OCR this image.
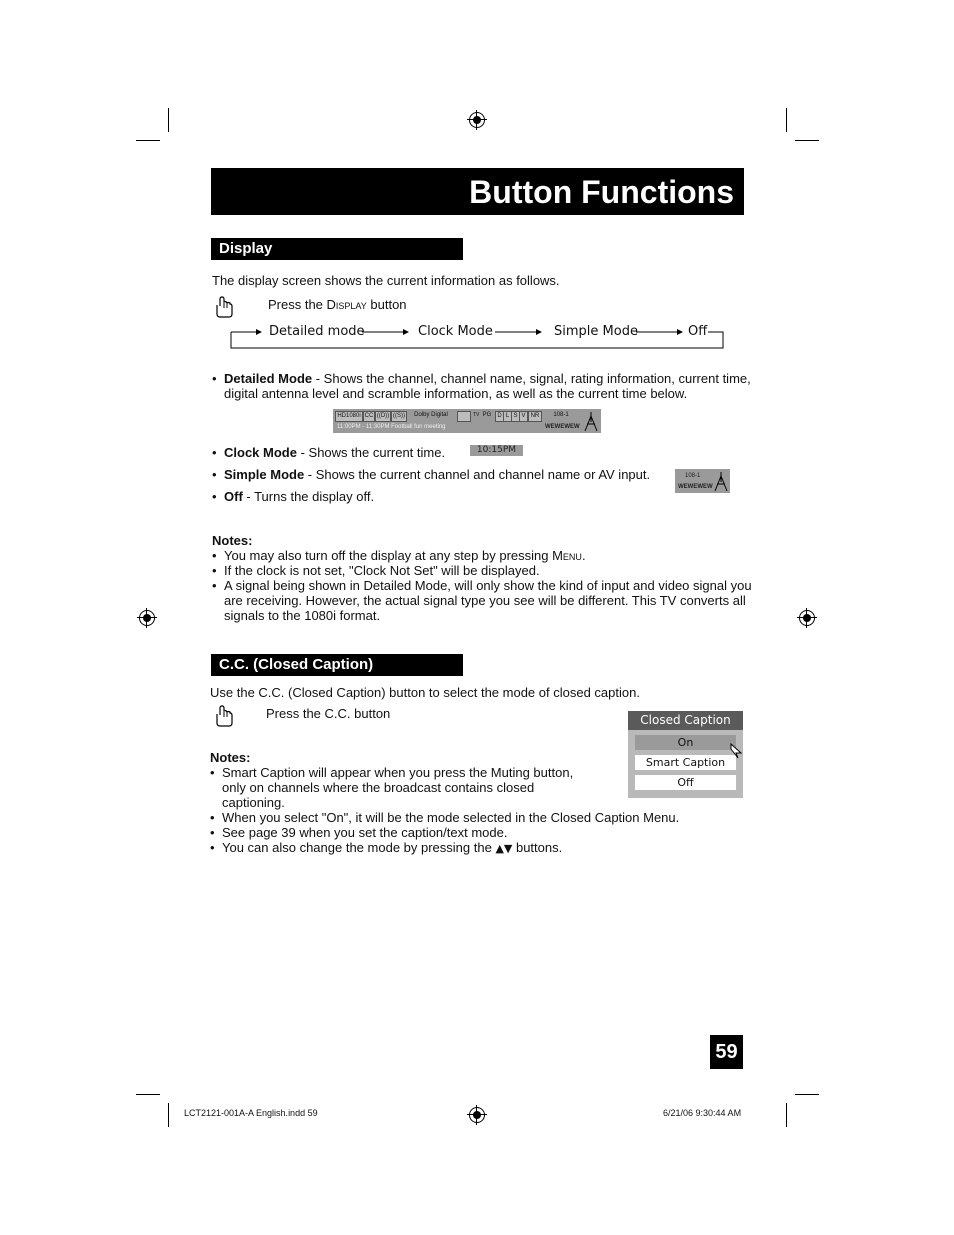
Button Functions
Display
The display screen shows the current information as follows.
Press the Display button
Detailed mode	Clock Mode	Simple Mode	Off
• Detailed Mode - Shows the channel, channel name, signal, rating information, current time,
digital antenna level and scramble information, as well as the current time below.
HD1080i CC ((D)) ((S))	Dolby Digital	TV PG	D L S V NR	108-1
11:00PM - 11:30PM Football fun meeting	WEWEWEW
• Clock Mode - Shows the current time.	10:15PM
• Simple Mode - Shows the current channel and channel name or AV input.	108-1
WEWEWEW
• Off - Turns the display off.
Notes:
• You may also turn off the display at any step by pressing Menu.
• If the clock is not set, "Clock Not Set" will be displayed.
• A signal being shown in Detailed Mode, will only show the kind of input and video signal you
are receiving. However, the actual signal type you see will be different. This TV converts all
signals to the 1080i format.
C.C. (Closed Caption)
Use the C.C. (Closed Caption) button to select the mode of closed caption.
Press the C.C. button	Closed Caption
On
Smart Caption
Off
Notes:
• Smart Caption will appear when you press the Muting button,
only on channels where the broadcast contains closed
captioning.
• When you select "On", it will be the mode selected in the Closed Caption Menu.
• See page 39 when you set the caption/text mode.
• You can also change the mode by pressing the ▲▼ buttons.
59
LCT2121-001A-A English.indd 59	6/21/06 9:30:44 AM
